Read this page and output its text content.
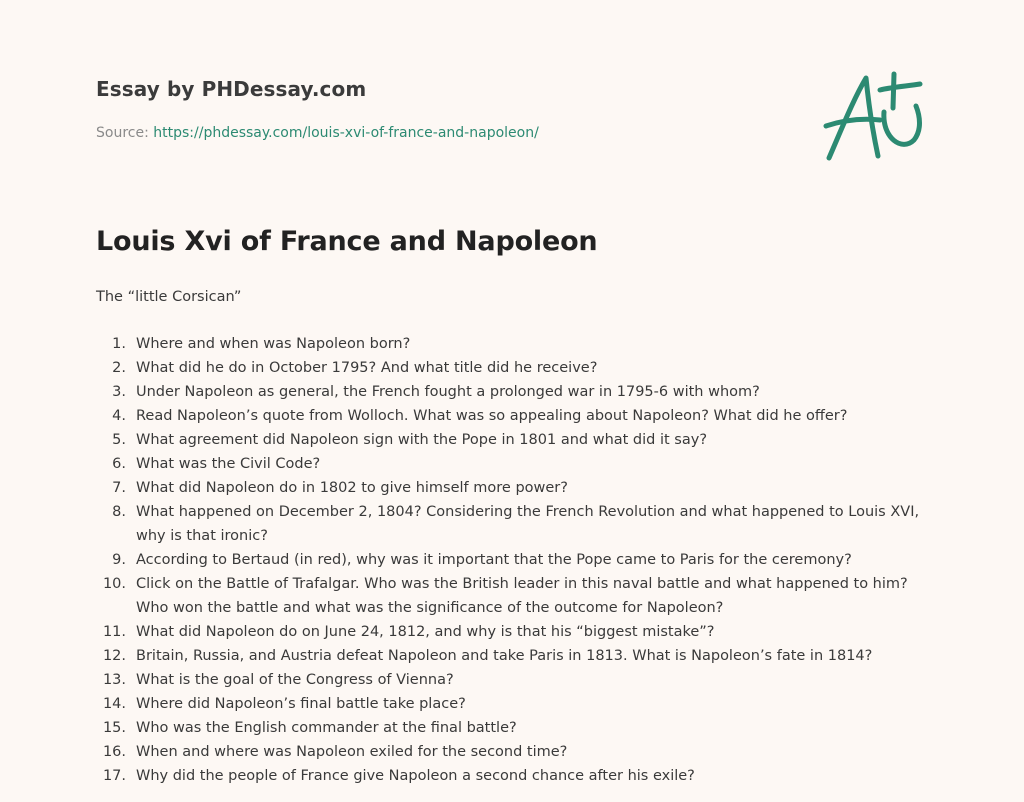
Essay by PHDessay.com
Source: https://phdessay.com/louis-xvi-of-france-and-napoleon/
Louis Xvi of France and Napoleon

The “little Corsican”

1. Where and when was Napoleon born?
2. What did he do in October 1795? And what title did he receive?
3. Under Napoleon as general, the French fought a prolonged war in 1795-6 with whom?
4. Read Napoleon’s quote from Wolloch. What was so appealing about Napoleon? What did he offer?
5. What agreement did Napoleon sign with the Pope in 1801 and what did it say?
6. What was the Civil Code?
7. What did Napoleon do in 1802 to give himself more power?
8. What happened on December 2, 1804? Considering the French Revolution and what happened to Louis XVI, why is that ironic?
9. According to Bertaud (in red), why was it important that the Pope came to Paris for the ceremony?
10. Click on the Battle of Trafalgar. Who was the British leader in this naval battle and what happened to him? Who won the battle and what was the significance of the outcome for Napoleon?
11. What did Napoleon do on June 24, 1812, and why is that his “biggest mistake”?
12. Britain, Russia, and Austria defeat Napoleon and take Paris in 1813. What is Napoleon’s fate in 1814?
13. What is the goal of the Congress of Vienna?
14. Where did Napoleon’s final battle take place?
15. Who was the English commander at the final battle?
16. When and where was Napoleon exiled for the second time?
17. Why did the people of France give Napoleon a second chance after his exile?
